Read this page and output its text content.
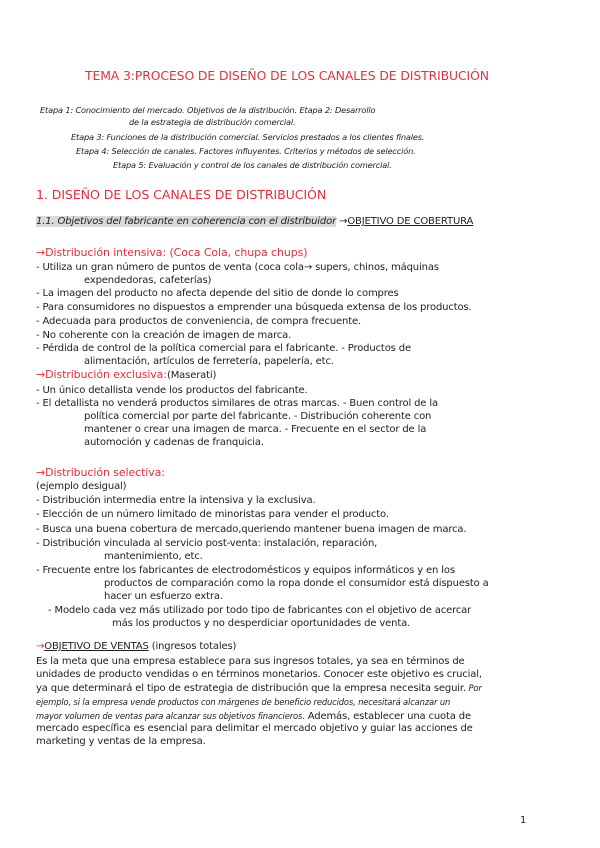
TEMA 3:PROCESO DE DISEÑO DE LOS CANALES DE DISTRIBUCIÓN
Etapa 1: Conocimiento del mercado. Objetivos de la distribución. Etapa 2: Desarrollo
de la estrategia de distribución comercial.
Etapa 3: Funciones de la distribución comercial. Servicios prestados a los clientes finales.
Etapa 4: Selección de canales. Factores influyentes. Criterios y métodos de selección.
Etapa 5: Evaluación y control de los canales de distribución comercial.
1. DISEÑO DE LOS CANALES DE DISTRIBUCIÓN
1.1. Objetivos del fabricante en coherencia con el distribuidor →OBJETIVO DE COBERTURA
→Distribución intensiva: (Coca Cola, chupa chups)
- Utiliza un gran número de puntos de venta (coca cola→ supers, chinos, máquinas
expendedoras, cafeterías)
- La imagen del producto no afecta depende del sitio de donde lo compres
- Para consumidores no dispuestos a emprender una búsqueda extensa de los productos.
- Adecuada para productos de conveniencia, de compra frecuente.
- No coherente con la creación de imagen de marca.
- Pérdida de control de la política comercial para el fabricante. - Productos de
alimentación, artículos de ferretería, papelería, etc.
→Distribución exclusiva:(Maserati)
- Un único detallista vende los productos del fabricante.
- El detallista no venderá productos similares de otras marcas. - Buen control de la
política comercial por parte del fabricante. - Distribución coherente con
mantener o crear una imagen de marca. - Frecuente en el sector de la
automoción y cadenas de franquicia.
→Distribución selectiva:
(ejemplo desigual)
- Distribución intermedia entre la intensiva y la exclusiva.
- Elección de un número limitado de minoristas para vender el producto.
- Busca una buena cobertura de mercado,queriendo mantener buena imagen de marca.
- Distribución vinculada al servicio post-venta: instalación, reparación,
mantenimiento, etc.
- Frecuente entre los fabricantes de electrodomésticos y equipos informáticos y en los
productos de comparación como la ropa donde el consumidor está dispuesto a
hacer un esfuerzo extra.
- Modelo cada vez más utilizado por todo tipo de fabricantes con el objetivo de acercar
más los productos y no desperdiciar oportunidades de venta.
→OBJETIVO DE VENTAS (ingresos totales)
Es la meta que una empresa establece para sus ingresos totales, ya sea en términos de
unidades de producto vendidas o en términos monetarios. Conocer este objetivo es crucial,
ya que determinará el tipo de estrategia de distribución que la empresa necesita seguir. Por
ejemplo, si la empresa vende productos con márgenes de beneficio reducidos, necesitará alcanzar un
mayor volumen de ventas para alcanzar sus objetivos financieros. Además, establecer una cuota de
mercado específica es esencial para delimitar el mercado objetivo y guiar las acciones de
marketing y ventas de la empresa.
1
